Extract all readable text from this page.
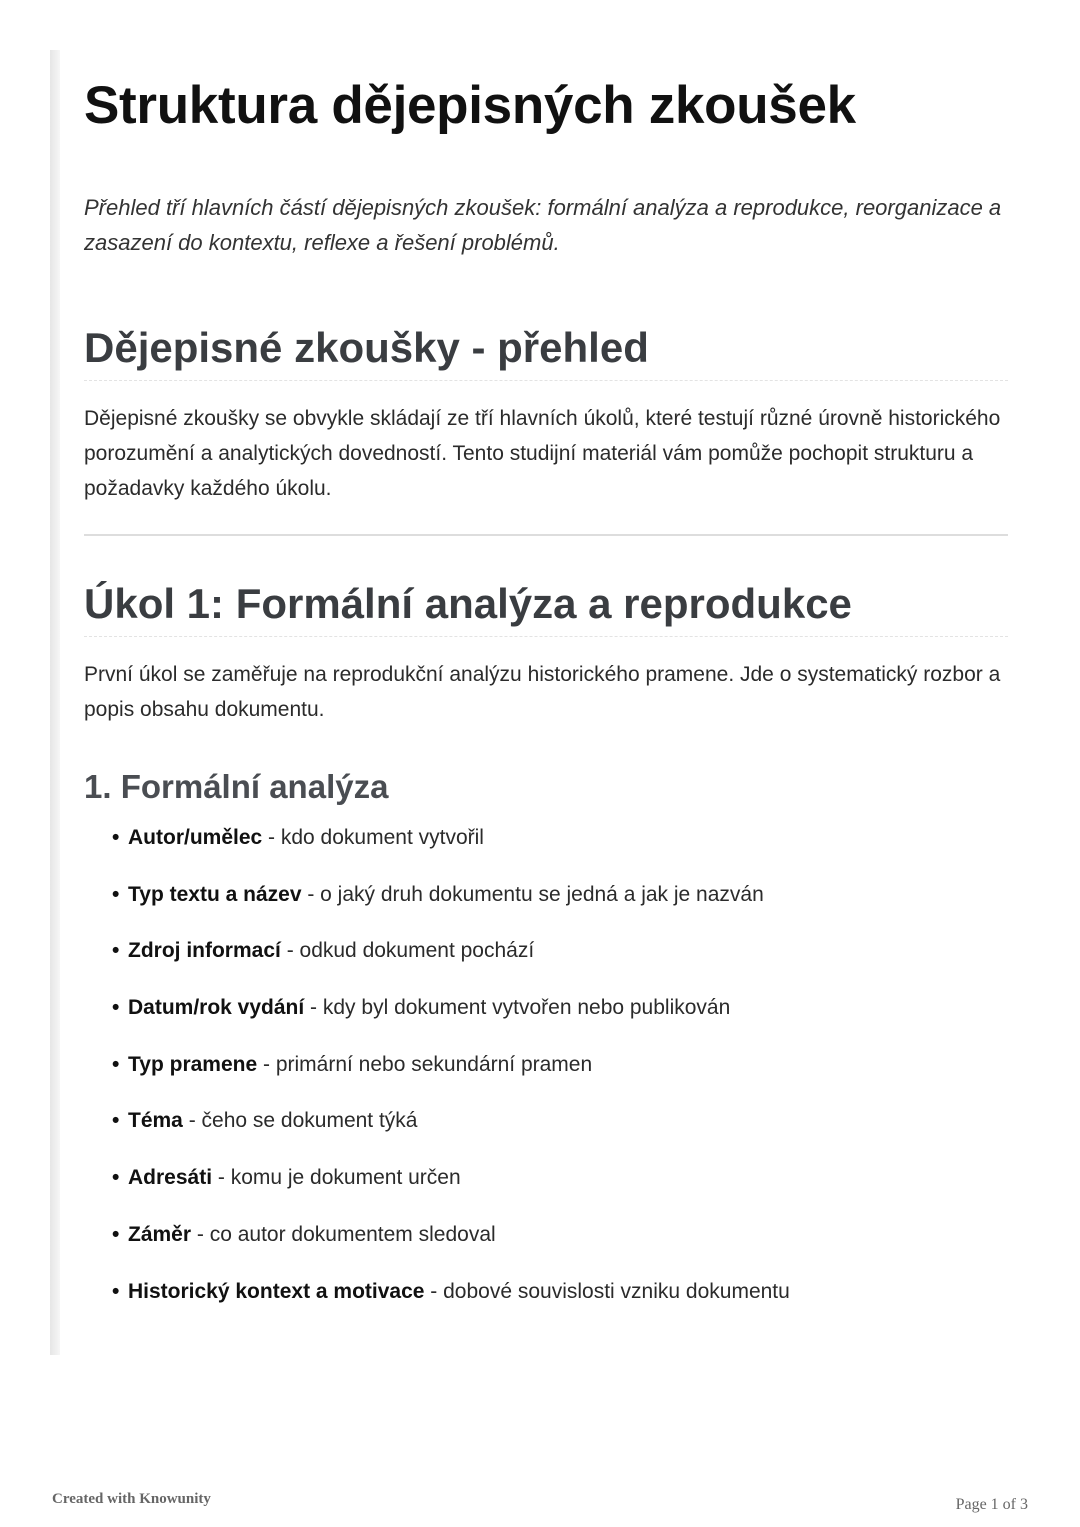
Struktura dějepisných zkoušek

Přehled tří hlavních částí dějepisných zkoušek: formální analýza a reprodukce, reorganizace a zasazení do kontextu, reflexe a řešení problémů.

Dějepisné zkoušky - přehled

Dějepisné zkoušky se obvykle skládají ze tří hlavních úkolů, které testují různé úrovně historického porozumění a analytických dovedností. Tento studijní materiál vám pomůže pochopit strukturu a požadavky každého úkolu.

Úkol 1: Formální analýza a reprodukce

První úkol se zaměřuje na reprodukční analýzu historického pramene. Jde o systematický rozbor a popis obsahu dokumentu.

1. Formální analýza
• Autor/umělec - kdo dokument vytvořil
• Typ textu a název - o jaký druh dokumentu se jedná a jak je nazván
• Zdroj informací - odkud dokument pochází
• Datum/rok vydání - kdy byl dokument vytvořen nebo publikován
• Typ pramene - primární nebo sekundární pramen
• Téma - čeho se dokument týká
• Adresáti - komu je dokument určen
• Záměr - co autor dokumentem sledoval
• Historický kontext a motivace - dobové souvislosti vzniku dokumentu
Created with Knowunity	Page 1 of 3
